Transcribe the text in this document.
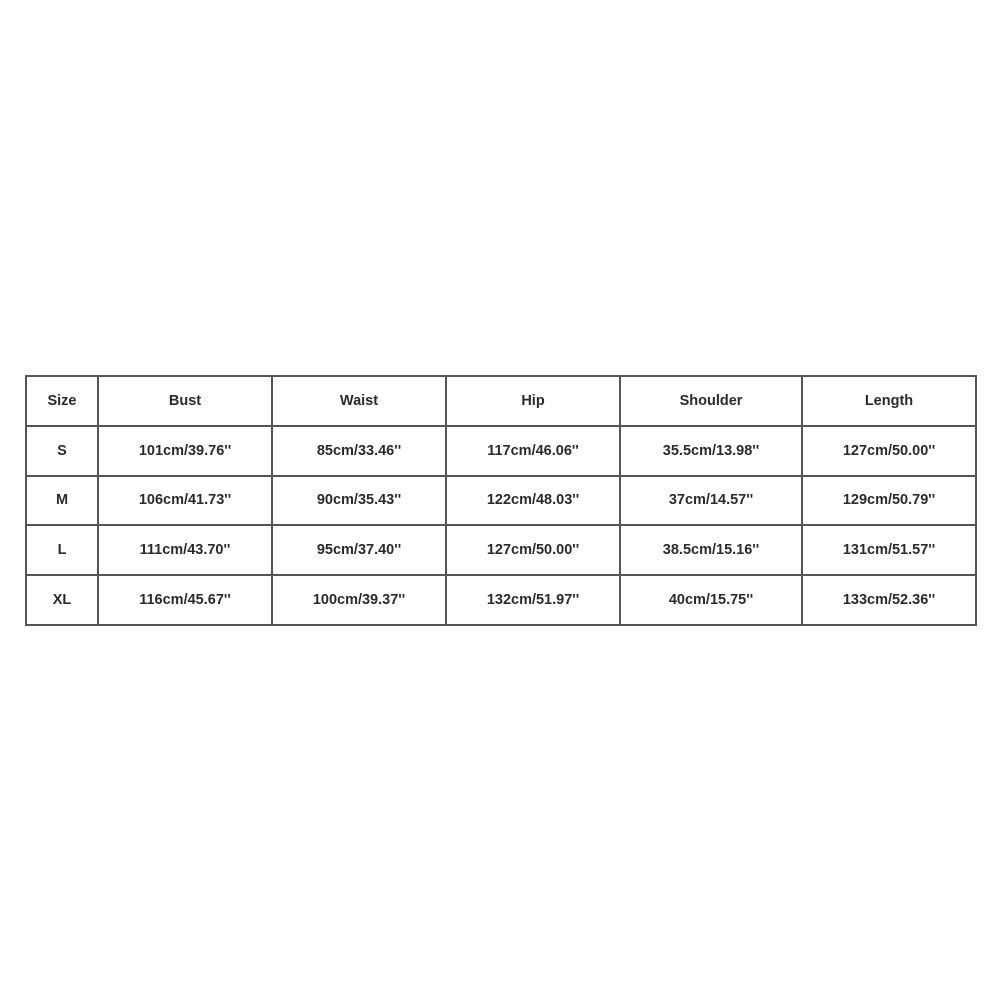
Size	Bust	Waist	Hip	Shoulder	Length
S	101cm/39.76''	85cm/33.46''	117cm/46.06''	35.5cm/13.98''	127cm/50.00''
M	106cm/41.73''	90cm/35.43''	122cm/48.03''	37cm/14.57''	129cm/50.79''
L	111cm/43.70''	95cm/37.40''	127cm/50.00''	38.5cm/15.16''	131cm/51.57''
XL	116cm/45.67''	100cm/39.37''	132cm/51.97''	40cm/15.75''	133cm/52.36''
